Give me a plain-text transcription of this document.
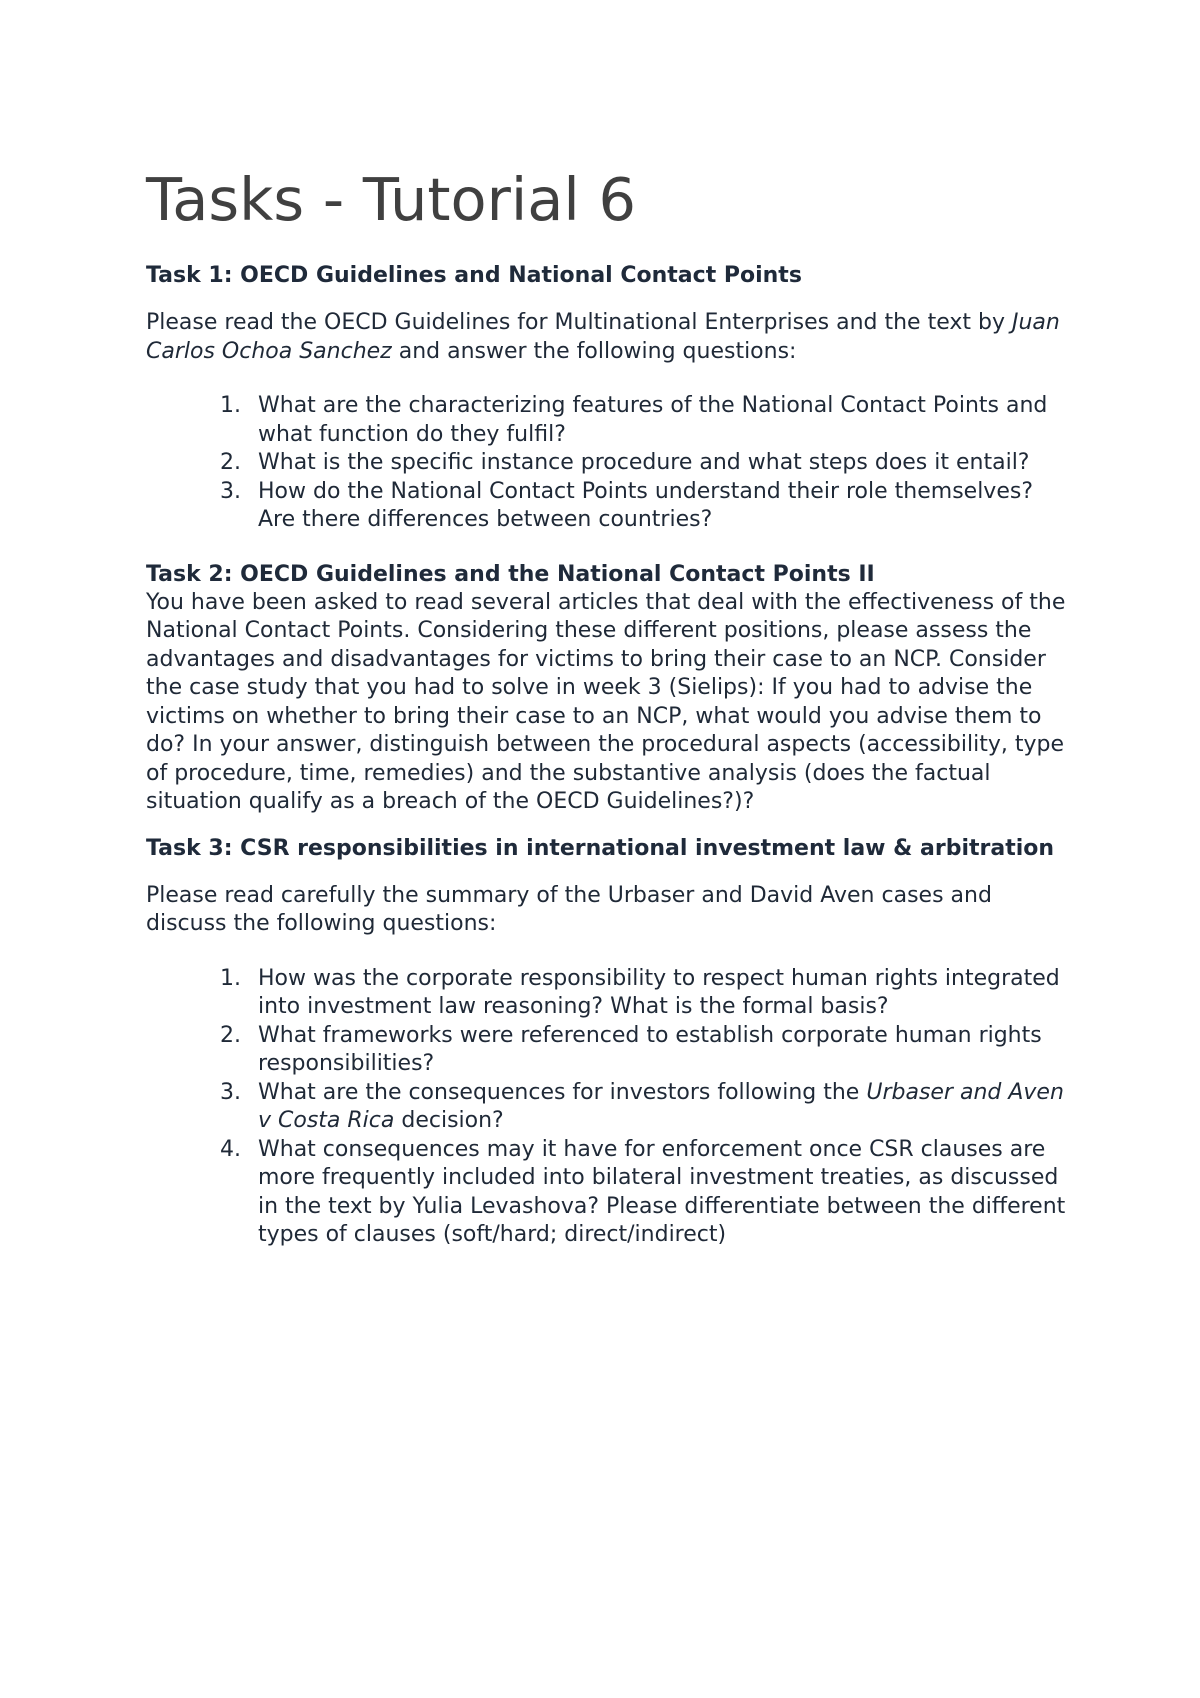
Tasks - Tutorial 6
Task 1: OECD Guidelines and National Contact Points

Please read the OECD Guidelines for Multinational Enterprises and the text by Juan Carlos Ochoa Sanchez and answer the following questions:

1. What are the characterizing features of the National Contact Points and what function do they fulfil?
2. What is the specific instance procedure and what steps does it entail?
3. How do the National Contact Points understand their role themselves? Are there differences between countries?
Task 2: OECD Guidelines and the National Contact Points II

You have been asked to read several articles that deal with the effectiveness of the National Contact Points. Considering these different positions, please assess the advantages and disadvantages for victims to bring their case to an NCP. Consider the case study that you had to solve in week 3 (Sielips): If you had to advise the victims on whether to bring their case to an NCP, what would you advise them to do? In your answer, distinguish between the procedural aspects (accessibility, type of procedure, time, remedies) and the substantive analysis (does the factual situation qualify as a breach of the OECD Guidelines?)?

Task 3: CSR responsibilities in international investment law & arbitration

Please read carefully the summary of the Urbaser and David Aven cases and discuss the following questions:

1. How was the corporate responsibility to respect human rights integrated into investment law reasoning? What is the formal basis?
2. What frameworks were referenced to establish corporate human rights responsibilities?
3. What are the consequences for investors following the Urbaser and Aven v Costa Rica decision?
4. What consequences may it have for enforcement once CSR clauses are more frequently included into bilateral investment treaties, as discussed in the text by Yulia Levashova? Please differentiate between the different types of clauses (soft/hard; direct/indirect)
